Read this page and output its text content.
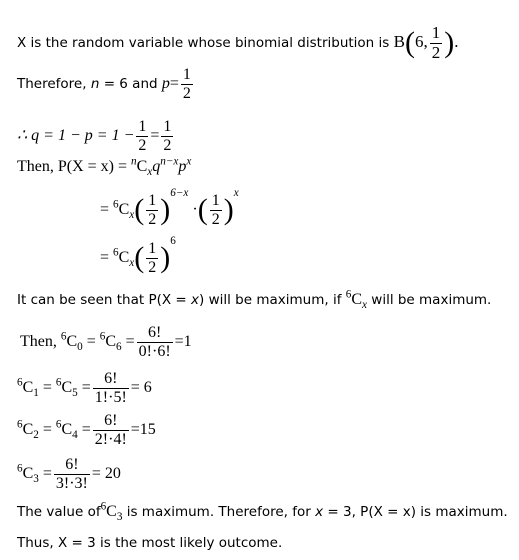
X is the random variable whose binomial distribution is B(6, $\frac{1}{2}$ ).
Therefore, n = 6 and $p= \frac{1}{2}$
∴ $q = 1 - p = 1 - \frac{1}{2} = \frac{1}{2}$
Then, $P(X = x) = ^nC_xq^{n-x}p^x$
= $^6C_x( \frac{1}{2} )^{6-x}$ ·( $\frac{1}{2} )^x$
= $^6C_x( \frac{1}{2} )^6$
It can be seen that P(X = x) will be maximum, if $^6C_x$ will be maximum.
Then, $^6C_0 = ^6C_6 = \frac{6!}{0!\cdot 6!} =1$
$^6C_1 = ^6C_5 = \frac{6!}{1!\cdot 5!} = 6$
$^6C_2 = ^6C_4 = \frac{6!}{2!\cdot 4!} =15$
$^6C_3 = \frac{6!}{3!\cdot 3!} = 20$
The value $of^6C_3$ is maximum. Therefore, for x = 3, P(X = x) is maximum.
Thus, X = 3 is the most likely outcome.
